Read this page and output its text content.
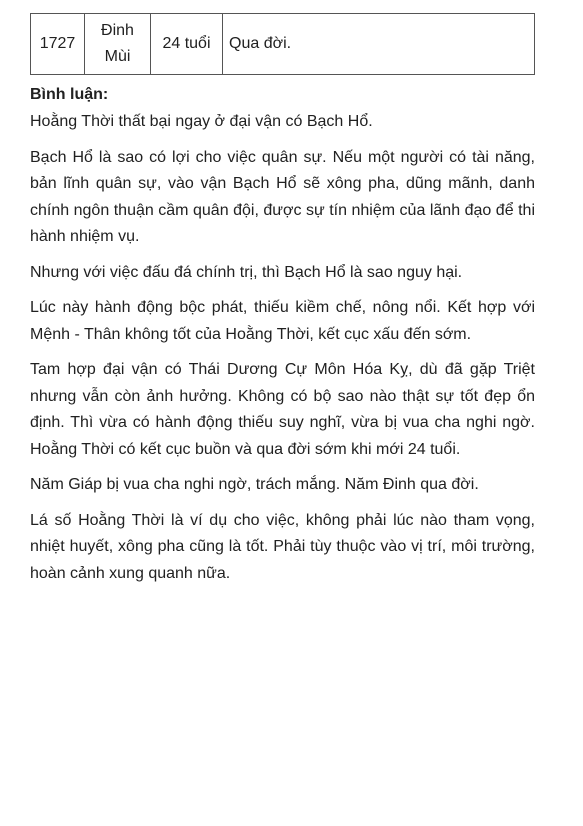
1727	Đinh Mùi	24 tuổi	Qua đời.
Bình luận:

Hoằng Thời thất bại ngay ở đại vận có Bạch Hổ.

Bạch Hổ là sao có lợi cho việc quân sự. Nếu một người có tài năng, bản lĩnh quân sự, vào vận Bạch Hổ sẽ xông pha, dũng mãnh, danh chính ngôn thuận cầm quân đội, được sự tín nhiệm của lãnh đạo để thi hành nhiệm vụ.

Nhưng với việc đấu đá chính trị, thì Bạch Hổ là sao nguy hại.

Lúc này hành động bộc phát, thiếu kiềm chế, nông nổi. Kết hợp với Mệnh - Thân không tốt của Hoằng Thời, kết cục xấu đến sớm.

Tam hợp đại vận có Thái Dương Cự Môn Hóa Kỵ, dù đã gặp Triệt nhưng vẫn còn ảnh hưởng. Không có bộ sao nào thật sự tốt đẹp ổn định. Thì vừa có hành động thiếu suy nghĩ, vừa bị vua cha nghi ngờ. Hoằng Thời có kết cục buồn và qua đời sớm khi mới 24 tuổi.

Năm Giáp bị vua cha nghi ngờ, trách mắng. Năm Đinh qua đời.

Lá số Hoằng Thời là ví dụ cho việc, không phải lúc nào tham vọng, nhiệt huyết, xông pha cũng là tốt. Phải tùy thuộc vào vị trí, môi trường, hoàn cảnh xung quanh nữa.
